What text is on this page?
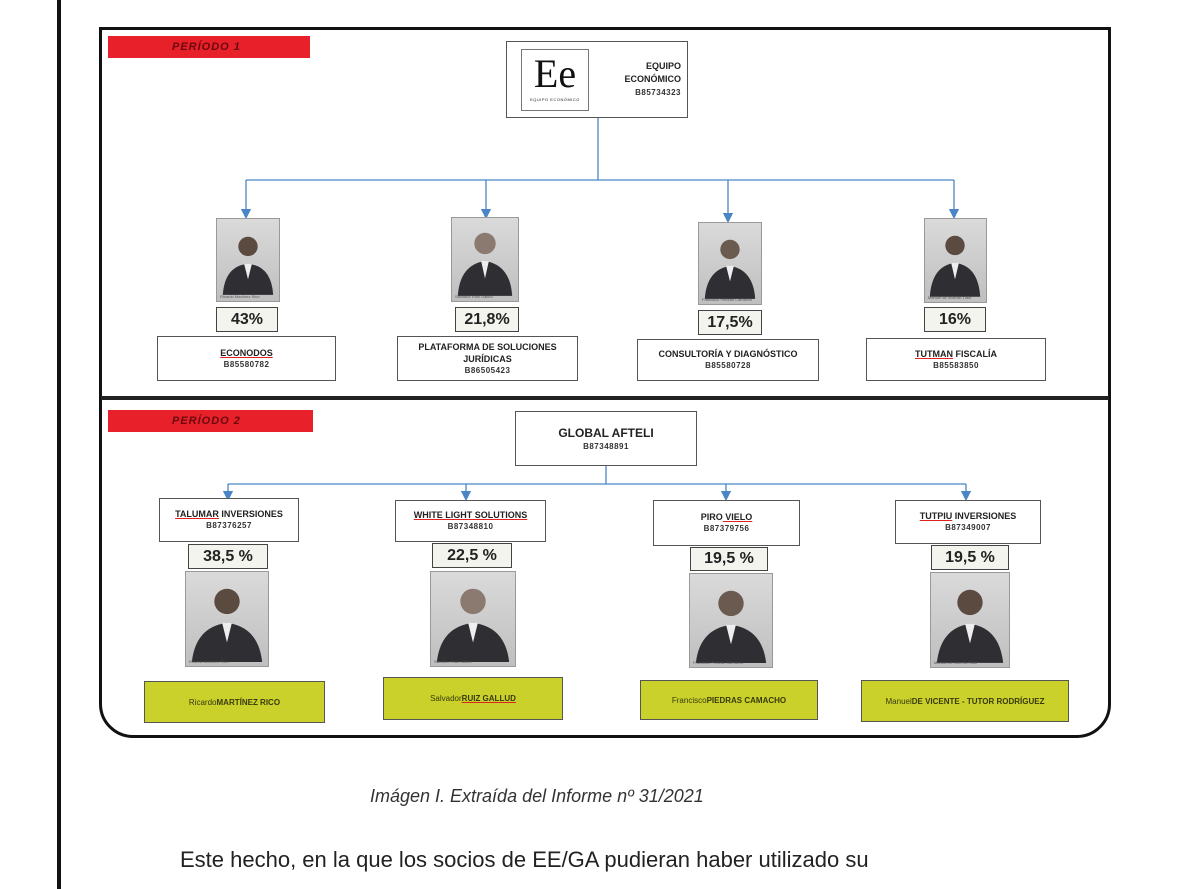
PERÍODO 1
Ee
EQUIPO ECONÓMICO
EQUIPO
ECONÓMICO
B85734323
Ricardo Martínez Rico	Salvador Ruiz Gallud
Francisco Piedras Camacho	Manuel de Vicente-Tutor
43%	21,8%	17,5%	16%
ECONODOS
B85580782
PLATAFORMA DE SOLUCIONES
JURÍDICAS
B86505423
CONSULTORÍA Y DIAGNÓSTICO
B85580728
TUTMAN FISCALÍA
B85583850
PERÍODO 2
GLOBAL AFTELI
B87348891
TALUMAR INVERSIONES
B87376257
WHITE LIGHT SOLUTIONS
B87348810
PIRO VIELO
B87379756
TUTPIU INVERSIONES
B87349007
38,5 %	22,5 %	19,5 %	19,5 %
Ricardo Martínez Rico	Salvador Ruiz Gallud	Francisco Piedras Camacho	Manuel de Vicente-Tutor
Ricardo MARTÍNEZ RICO	Salvador RUIZ GALLUD	Francisco PIEDRAS CAMACHO	Manuel DE VICENTE - TUTOR RODRÍGUEZ
Imágen I. Extraída del Informe nº 31/2021
Este hecho, en la que los socios de EE/GA pudieran haber utilizado su
